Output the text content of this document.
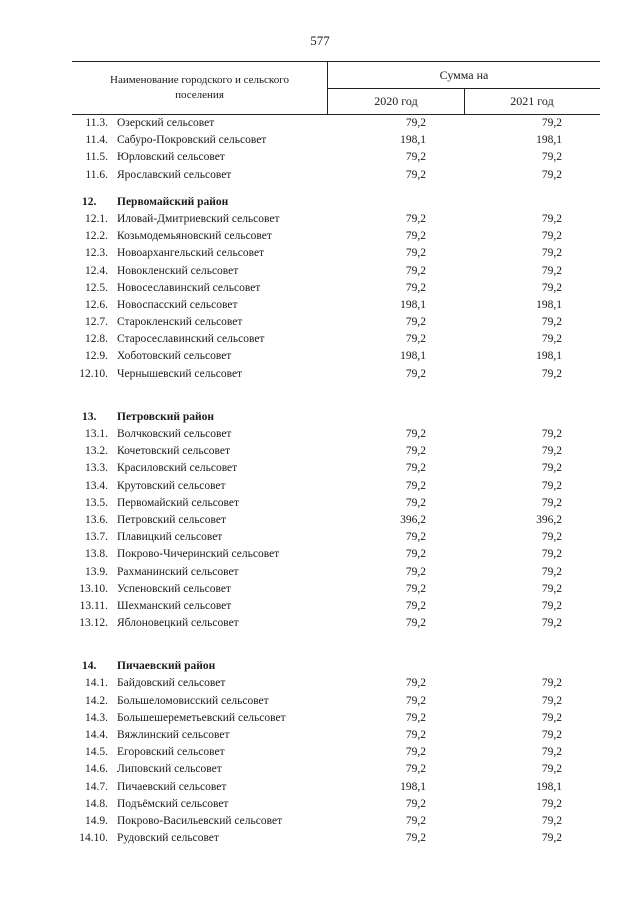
577
Наименование городского и сельского поселения
Сумма на
2020 год	2021 год
11.3. Озерский сельсовет	79,2	79,2
11.4. Сабуро-Покровский сельсовет	198,1	198,1
11.5. Юрловский сельсовет	79,2	79,2
11.6. Ярославский сельсовет	79,2	79,2
12.	Первомайский район
12.1. Иловай-Дмитриевский сельсовет	79,2	79,2
12.2. Козьмодемьяновский сельсовет	79,2	79,2
12.3. Новоархангельский сельсовет	79,2	79,2
12.4. Новокленский сельсовет	79,2	79,2
12.5. Новосеславинский сельсовет	79,2	79,2
12.6. Новоспасский сельсовет	198,1	198,1
12.7. Старокленский сельсовет	79,2	79,2
12.8. Старосеславинский сельсовет	79,2	79,2
12.9. Хоботовский сельсовет	198,1	198,1
12.10. Чернышевский сельсовет	79,2	79,2
13.	Петровский район
13.1. Волчковский сельсовет	79,2	79,2
13.2. Кочетовский сельсовет	79,2	79,2
13.3. Красиловский сельсовет	79,2	79,2
13.4. Крутовский сельсовет	79,2	79,2
13.5. Первомайский сельсовет	79,2	79,2
13.6. Петровский сельсовет	396,2	396,2
13.7. Плавицкий сельсовет	79,2	79,2
13.8. Покрово-Чичеринский сельсовет	79,2	79,2
13.9. Рахманинский сельсовет	79,2	79,2
13.10. Успеновский сельсовет	79,2	79,2
13.11. Шехманский сельсовет	79,2	79,2
13.12. Яблоновецкий сельсовет	79,2	79,2
14.	Пичаевский район
14.1. Байдовский сельсовет	79,2	79,2
14.2. Большеломовисский сельсовет	79,2	79,2
14.3. Большешереметьевский сельсовет	79,2	79,2
14.4. Вяжлинский сельсовет	79,2	79,2
14.5. Егоровский сельсовет	79,2	79,2
14.6. Липовский сельсовет	79,2	79,2
14.7. Пичаевский сельсовет	198,1	198,1
14.8. Подъёмский сельсовет	79,2	79,2
14.9. Покрово-Васильевский сельсовет	79,2	79,2
14.10. Рудовский сельсовет	79,2	79,2
